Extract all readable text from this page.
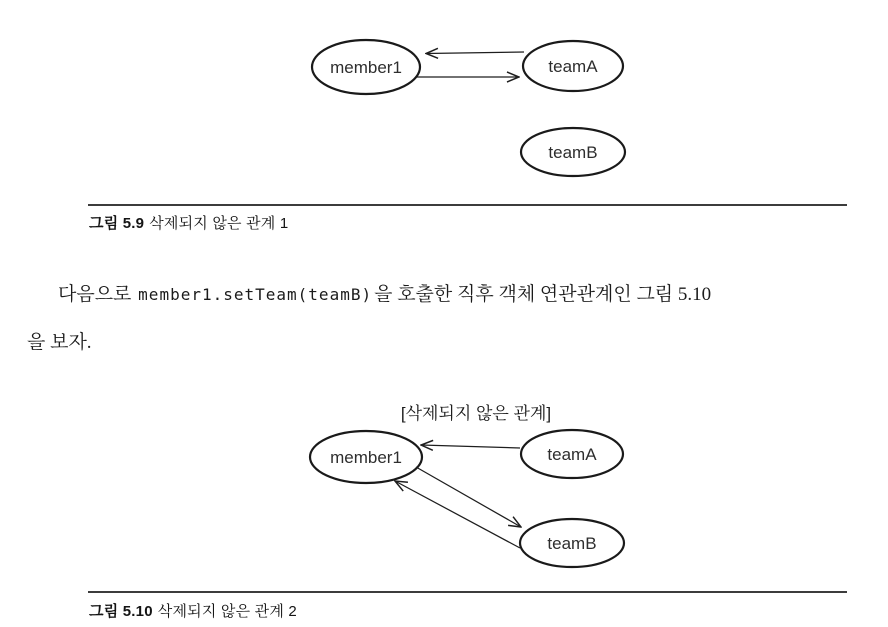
member1	teamA
teamB
[삭제되지 않은 관계]
member1	teamA
teamB
그림 5.9 삭제되지 않은 관계 1
다음으로 member1.setTeam(teamB) 을 호출한 직후 객체 연관관계인 그림 5.10
을 보자.
그림 5.10 삭제되지 않은 관계 2
